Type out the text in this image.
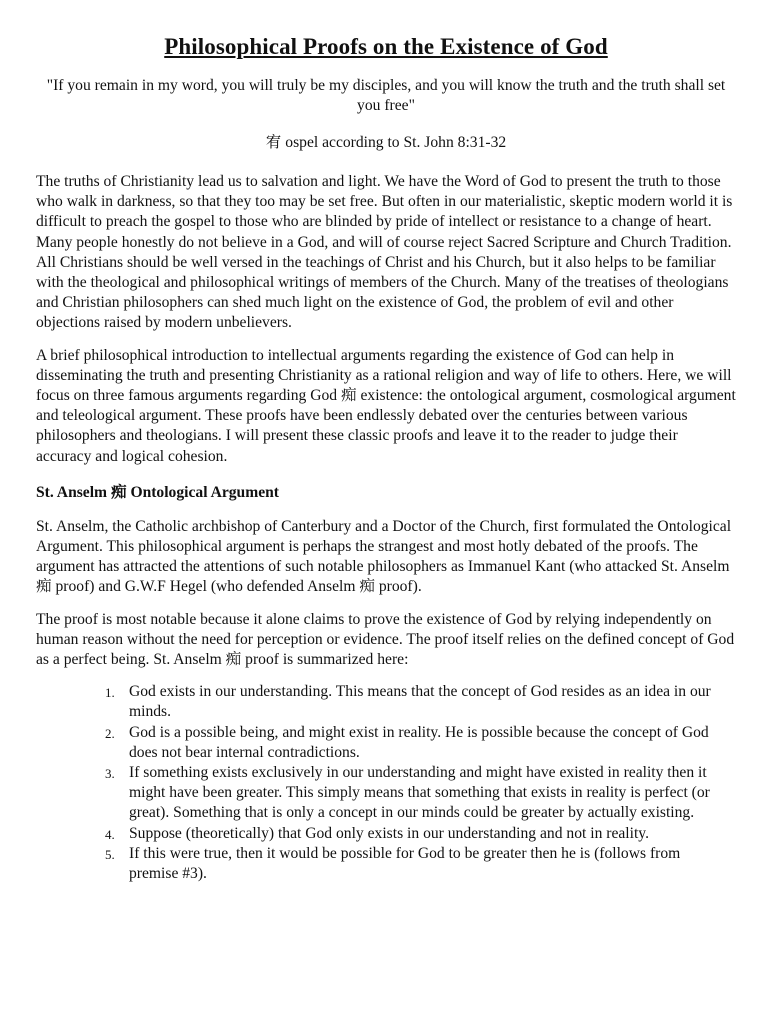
Philosophical Proofs on the Existence of God
"If you remain in my word, you will truly be my disciples, and you will know the truth and the truth shall set you free"
宥 ospel according to St. John 8:31-32

The truths of Christianity lead us to salvation and light. We have the Word of God to present the truth to those who walk in darkness, so that they too may be set free. But often in our materialistic, skeptic modern world it is difficult to preach the gospel to those who are blinded by pride of intellect or resistance to a change of heart. Many people honestly do not believe in a God, and will of course reject Sacred Scripture and Church Tradition. All Christians should be well versed in the teachings of Christ and his Church, but it also helps to be familiar with the theological and philosophical writings of members of the Church. Many of the treatises of theologians and Christian philosophers can shed much light on the existence of God, the problem of evil and other objections raised by modern unbelievers.

A brief philosophical introduction to intellectual arguments regarding the existence of God can help in disseminating the truth and presenting Christianity as a rational religion and way of life to others. Here, we will focus on three famous arguments regarding God 痴 existence: the ontological argument, cosmological argument and teleological argument. These proofs have been endlessly debated over the centuries between various philosophers and theologians. I will present these classic proofs and leave it to the reader to judge their accuracy and logical cohesion.

St. Anselm 痴 Ontological Argument

St. Anselm, the Catholic archbishop of Canterbury and a Doctor of the Church, first formulated the Ontological Argument. This philosophical argument is perhaps the strangest and most hotly debated of the proofs. The argument has attracted the attentions of such notable philosophers as Immanuel Kant (who attacked St. Anselm 痴 proof) and G.W.F Hegel (who defended Anselm 痴 proof).

The proof is most notable because it alone claims to prove the existence of God by relying independently on human reason without the need for perception or evidence. The proof itself relies on the defined concept of God as a perfect being. St. Anselm 痴 proof is summarized here:

1. God exists in our understanding. This means that the concept of God resides as an idea in our minds.
2. God is a possible being, and might exist in reality. He is possible because the concept of God does not bear internal contradictions.
3. If something exists exclusively in our understanding and might have existed in reality then it might have been greater. This simply means that something that exists in reality is perfect (or great). Something that is only a concept in our minds could be greater by actually existing.
4. Suppose (theoretically) that God only exists in our understanding and not in reality.
5. If this were true, then it would be possible for God to be greater then he is (follows from premise #3).
